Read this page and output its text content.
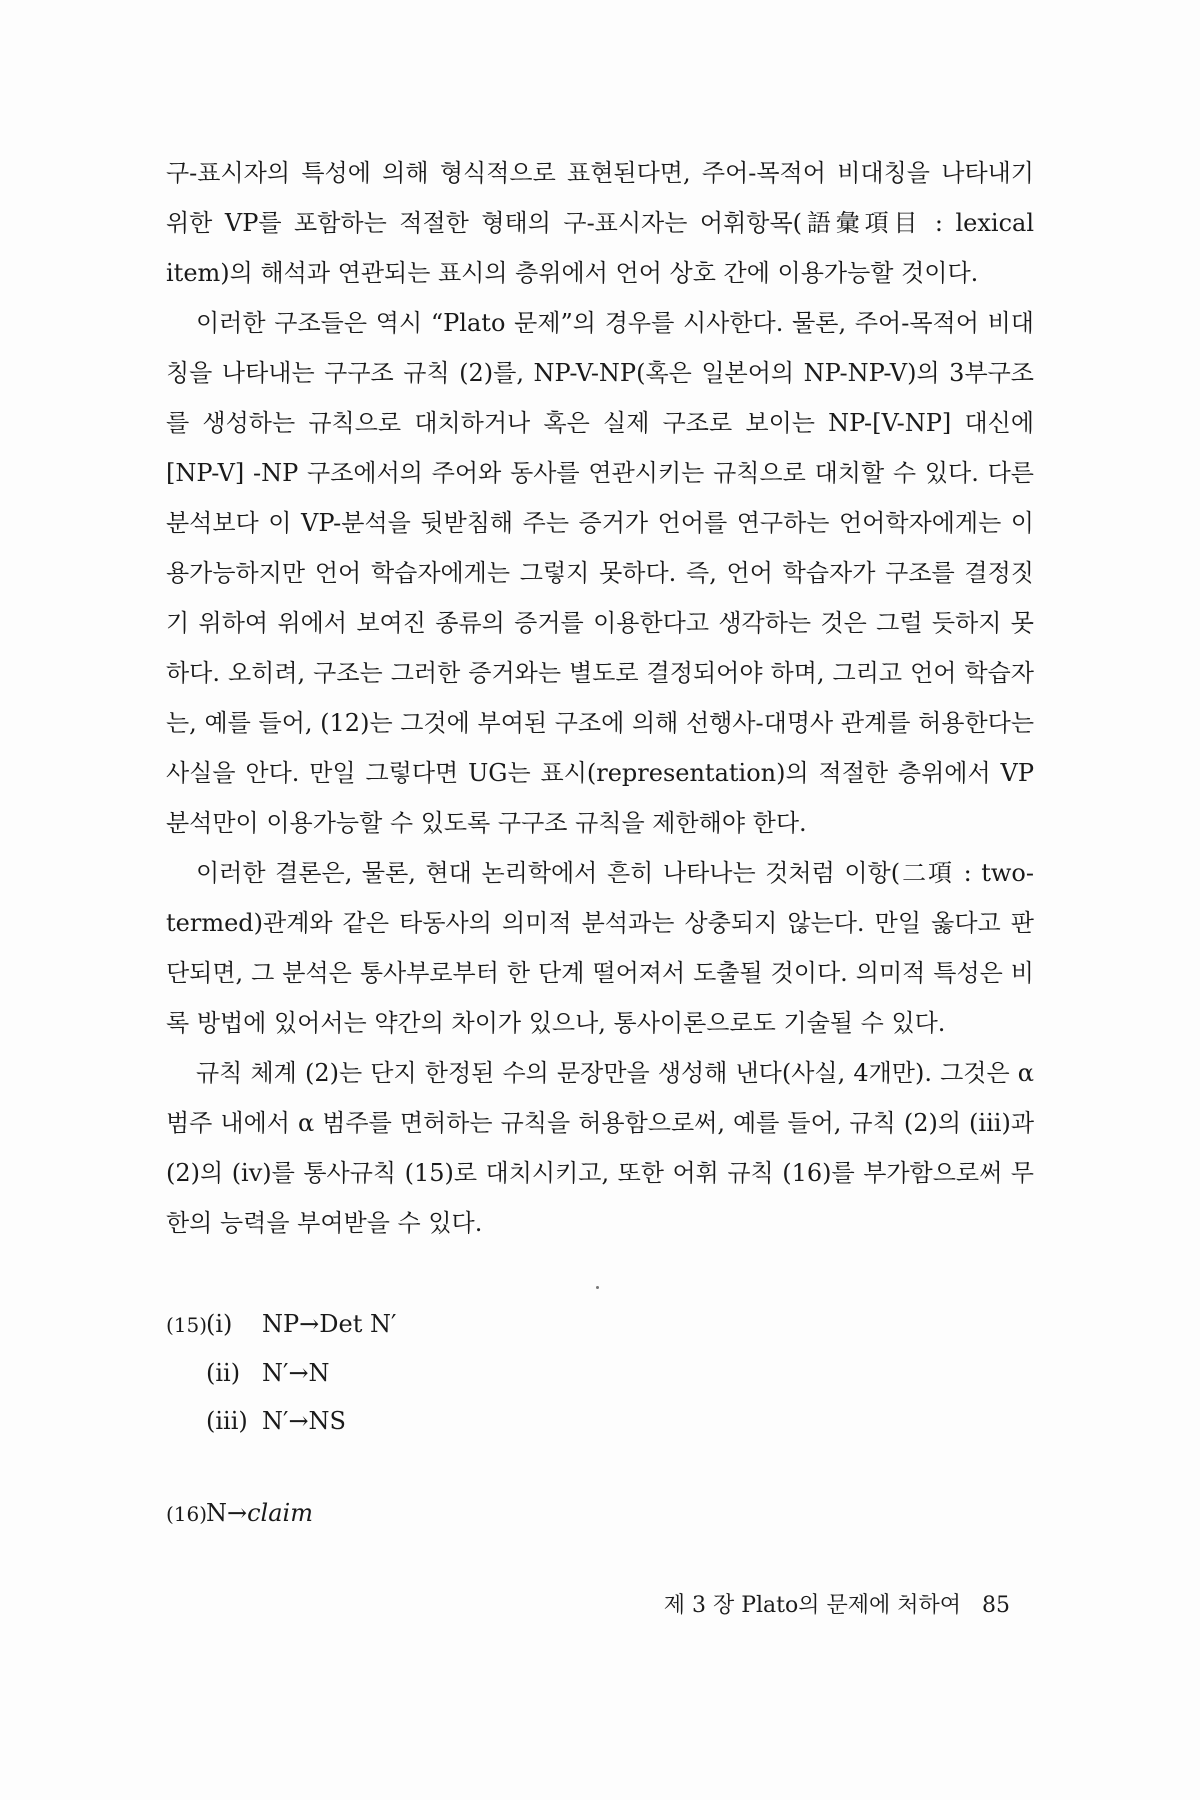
구-표시자의 특성에 의해 형식적으로 표현된다면, 주어-목적어 비대칭을 나타내기 위한 VP를 포함하는 적절한 형태의 구-표시자는 어휘항목(語彙項目 : lexical item)의 해석과 연관되는 표시의 층위에서 언어 상호 간에 이용가능할 것이다.

이러한 구조들은 역시 “Plato 문제”의 경우를 시사한다. 물론, 주어-목적어 비대칭을 나타내는 구구조 규칙 (2)를, NP-V-NP(혹은 일본어의 NP-NP-V)의 3부구조를 생성하는 규칙으로 대치하거나 혹은 실제 구조로 보이는 NP-[V-NP] 대신에 [NP-V] -NP 구조에서의 주어와 동사를 연관시키는 규칙으로 대치할 수 있다. 다른 분석보다 이 VP-분석을 뒷받침해 주는 증거가 언어를 연구하는 언어학자에게는 이용가능하지만 언어 학습자에게는 그렇지 못하다. 즉, 언어 학습자가 구조를 결정짓기 위하여 위에서 보여진 종류의 증거를 이용한다고 생각하는 것은 그럴 듯하지 못하다. 오히려, 구조는 그러한 증거와는 별도로 결정되어야 하며, 그리고 언어 학습자는, 예를 들어, (12)는 그것에 부여된 구조에 의해 선행사-대명사 관계를 허용한다는 사실을 안다. 만일 그렇다면 UG는 표시(representation)의 적절한 층위에서 VP 분석만이 이용가능할 수 있도록 구구조 규칙을 제한해야 한다.

이러한 결론은, 물론, 현대 논리학에서 흔히 나타나는 것처럼 이항(二項 : two-termed)관계와 같은 타동사의 의미적 분석과는 상충되지 않는다. 만일 옳다고 판단되면, 그 분석은 통사부로부터 한 단계 떨어져서 도출될 것이다. 의미적 특성은 비록 방법에 있어서는 약간의 차이가 있으나, 통사이론으로도 기술될 수 있다.

규칙 체계 (2)는 단지 한정된 수의 문장만을 생성해 낸다(사실, 4개만). 그것은 α 범주 내에서 α 범주를 면허하는 규칙을 허용함으로써, 예를 들어, 규칙 (2)의 (iii)과 (2)의 (iv)를 통사규칙 (15)로 대치시키고, 또한 어휘 규칙 (16)를 부가함으로써 무한의 능력을 부여받을 수 있다.

(15)
(i)	NP→Det N′
(ii) N′→N
(iii) N′→NS
(16)
N→ claim
제 3 장 Plato의 문제에 처하여 85
